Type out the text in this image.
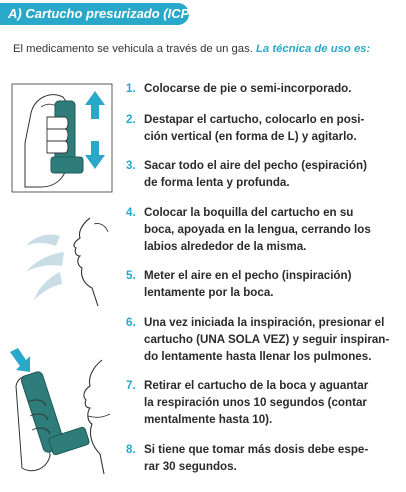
A) Cartucho presurizado (ICP)
El medicamento se vehicula a través de un gas. La técnica de uso es:
1. Colocarse de pie o semi-incorporado.
2. Destapar el cartucho, colocarlo en posi-
ción vertical (en forma de L) y agitarlo.
3. Sacar todo el aire del pecho (espiración)
de forma lenta y profunda.
4. Colocar la boquilla del cartucho en su
boca, apoyada en la lengua, cerrando los
labios alrededor de la misma.
5. Meter el aire en el pecho (inspiración)
lentamente por la boca.
6. Una vez iniciada la inspiración, presionar el
cartucho (UNA SOLA VEZ) y seguir inspiran-
do lentamente hasta llenar los pulmones.
7. Retirar el cartucho de la boca y aguantar
la respiración unos 10 segundos (contar
mentalmente hasta 10).
8. Si tiene que tomar más dosis debe espe-
rar 30 segundos.
